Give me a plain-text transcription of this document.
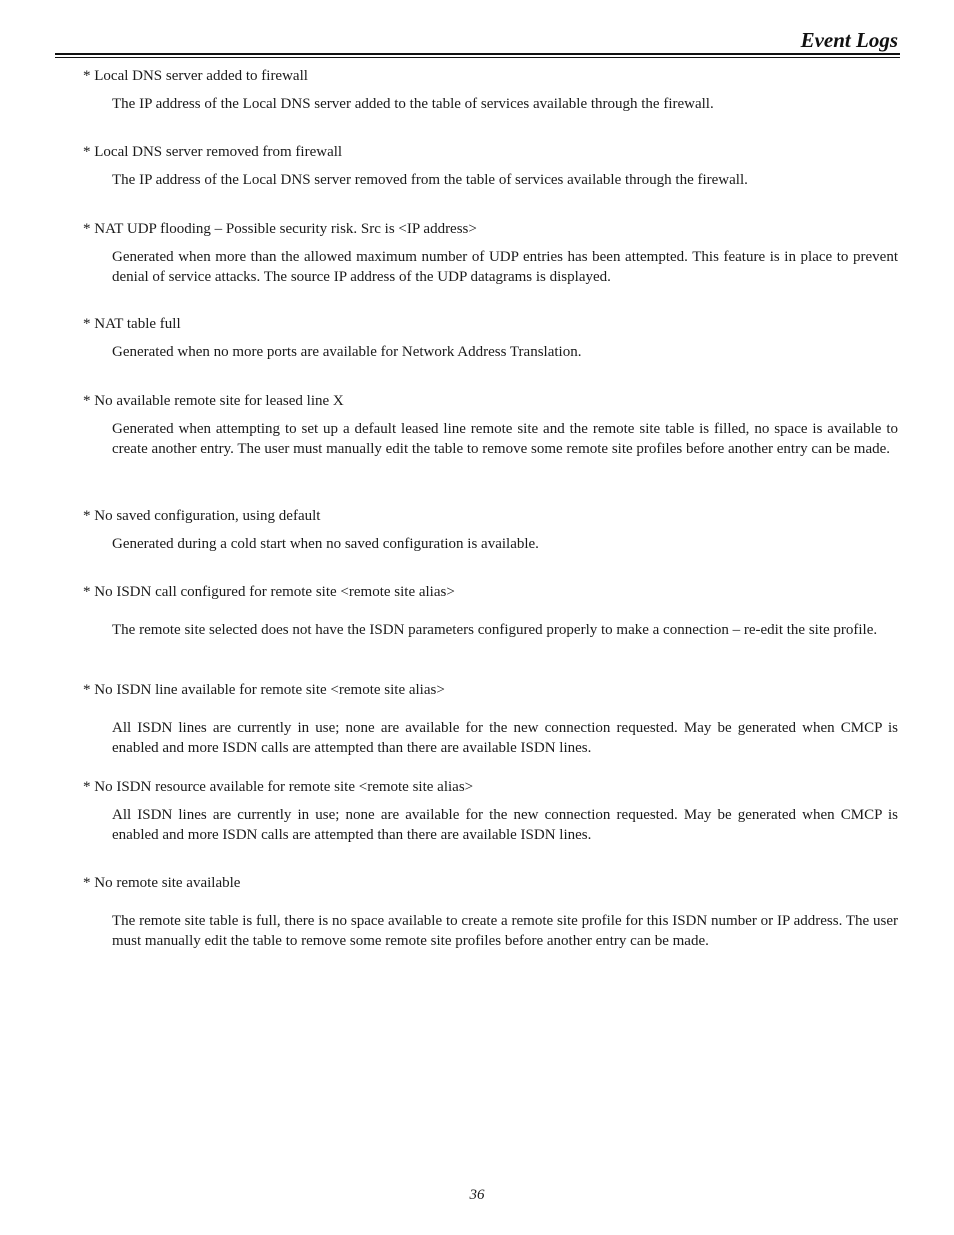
Event Logs
* Local DNS server added to firewall
The IP address of the Local DNS server added to the table of services available through the firewall.
* Local DNS server removed from firewall
The IP address of the Local DNS server removed from the table of services available through the firewall.
* NAT UDP flooding – Possible security risk. Src is <IP address>
Generated when more than the allowed maximum number of UDP entries has been attempted. This feature is in place to prevent denial of service attacks. The source IP address of the UDP datagrams is displayed.
* NAT table full
Generated when no more ports are available for Network Address Translation.
* No available remote site for leased line X
Generated when attempting to set up a default leased line remote site and the remote site table is filled, no space is available to create another entry. The user must manually edit the table to remove some remote site profiles before another entry can be made.
* No saved configuration, using default
Generated during a cold start when no saved configuration is available.
* No ISDN call configured for remote site <remote site alias>
The remote site selected does not have the ISDN parameters configured properly to make a connection – re-edit the site profile.
* No ISDN line available for remote site <remote site alias>
All ISDN lines are currently in use; none are available for the new connection requested. May be generated when CMCP is enabled and more ISDN calls are attempted than there are available ISDN lines.
* No ISDN resource available for remote site <remote site alias>
All ISDN lines are currently in use; none are available for the new connection requested. May be generated when CMCP is enabled and more ISDN calls are attempted than there are available ISDN lines.
* No remote site available
The remote site table is full, there is no space available to create a remote site profile for this ISDN number or IP address. The user must manually edit the table to remove some remote site profiles before another entry can be made.
36
